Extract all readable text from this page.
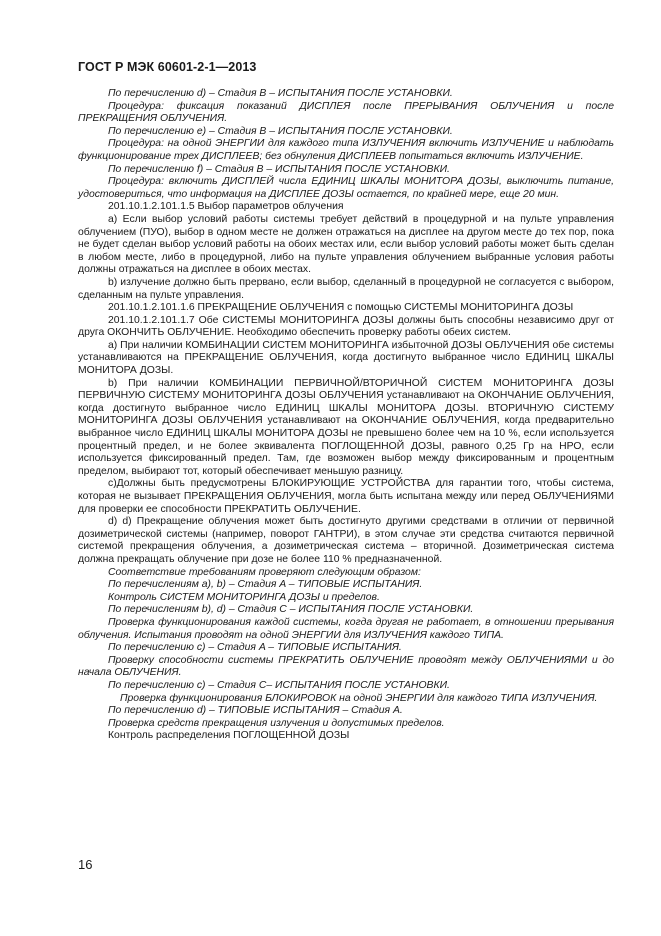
ГОСТ Р МЭК 60601-2-1—2013

По перечислению d) – Стадия B – ИСПЫТАНИЯ ПОСЛЕ УСТАНОВКИ.

Процедура: фиксация показаний ДИСПЛЕЯ после ПРЕРЫВАНИЯ ОБЛУЧЕНИЯ и после ПРЕКРАЩЕНИЯ ОБЛУЧЕНИЯ.

По перечислению e) – Стадия B – ИСПЫТАНИЯ ПОСЛЕ УСТАНОВКИ.

Процедура: на одной ЭНЕРГИИ для каждого типа ИЗЛУЧЕНИЯ включить ИЗЛУЧЕНИЕ и наблюдать функционирование трех ДИСПЛЕЕВ; без обнуления ДИСПЛЕЕВ попытаться включить ИЗЛУЧЕНИЕ.

По перечислению f) – Стадия B – ИСПЫТАНИЯ ПОСЛЕ УСТАНОВКИ.

Процедура: включить ДИСПЛЕЙ числа ЕДИНИЦ ШКАЛЫ МОНИТОРА ДОЗЫ, выключить питание, удостовериться, что информация на ДИСПЛЕЕ ДОЗЫ остается, по крайней мере, еще 20 мин.

201.10.1.2.101.1.5 Выбор параметров облучения

a) Если выбор условий работы системы требует действий в процедурной и на пульте управления облучением (ПУО), выбор в одном месте не должен отражаться на дисплее на другом месте до тех пор, пока не будет сделан выбор условий работы на обоих местах или, если выбор условий работы может быть сделан в любом месте, либо в процедурной, либо на пульте управления облучением выбранные условия работы должны отражаться на дисплее в обоих местах.

b) излучение должно быть прервано, если выбор, сделанный в процедурной не согласуется с выбором, сделанным на пульте управления.

201.10.1.2.101.1.6 ПРЕКРАЩЕНИЕ ОБЛУЧЕНИЯ с помощью СИСТЕМЫ МОНИТОРИНГА ДОЗЫ

201.10.1.2.101.1.7 Обе СИСТЕМЫ МОНИТОРИНГА ДОЗЫ должны быть способны независимо друг от друга ОКОНЧИТЬ ОБЛУЧЕНИЕ. Необходимо обеспечить проверку работы обеих систем.

a) При наличии КОМБИНАЦИИ СИСТЕМ МОНИТОРИНГА избыточной ДОЗЫ ОБЛУЧЕНИЯ обе системы устанавливаются на ПРЕКРАЩЕНИЕ ОБЛУЧЕНИЯ, когда достигнуто выбранное число ЕДИНИЦ ШКАЛЫ МОНИТОРА ДОЗЫ.

b) При наличии КОМБИНАЦИИ ПЕРВИЧНОЙ/ВТОРИЧНОЙ СИСТЕМ МОНИТОРИНГА ДОЗЫ ПЕРВИЧНУЮ СИСТЕМУ МОНИТОРИНГА ДОЗЫ ОБЛУЧЕНИЯ устанавливают на ОКОНЧАНИЕ ОБЛУЧЕНИЯ, когда достигнуто выбранное число ЕДИНИЦ ШКАЛЫ МОНИТОРА ДОЗЫ. ВТОРИЧНУЮ СИСТЕМУ МОНИТОРИНГА ДОЗЫ ОБЛУЧЕНИЯ устанавливают на ОКОНЧАНИЕ ОБЛУЧЕНИЯ, когда предварительно выбранное число ЕДИНИЦ ШКАЛЫ МОНИТОРА ДОЗЫ не превышено более чем на 10 %, если используется процентный предел, и не более эквивалента ПОГЛОЩЕННОЙ ДОЗЫ, равного 0,25 Гр на НРО, если используется фиксированный предел. Там, где возможен выбор между фиксированным и процентным пределом, выбирают тот, который обеспечивает меньшую разницу.

c)Должны быть предусмотрены БЛОКИРУЮЩИЕ УСТРОЙСТВА для гарантии того, чтобы система, которая не вызывает ПРЕКРАЩЕНИЯ ОБЛУЧЕНИЯ, могла быть испытана между или перед ОБЛУЧЕНИЯМИ для проверки ее способности ПРЕКРАТИТЬ ОБЛУЧЕНИЕ.

d) d) Прекращение облучения может быть достигнуто другими средствами в отличии от первичной дозиметрической системы (например, поворот ГАНТРИ), в этом случае эти средства считаются первичной системой прекращения облучения, а дозиметрическая система – вторичной. Дозиметрическая система должна прекращать облучение при дозе не более 110 % предназначенной.

Соответствие требованиям проверяют следующим образом:

По перечислениям a), b) – Стадия A – ТИПОВЫЕ ИСПЫТАНИЯ.

Контроль СИСТЕМ МОНИТОРИНГА ДОЗЫ и пределов.

По перечислениям b), d) – Стадия C – ИСПЫТАНИЯ ПОСЛЕ УСТАНОВКИ.

Проверка функционирования каждой системы, когда другая не работает, в отношении прерывания облучения. Испытания проводят на одной ЭНЕРГИИ для ИЗЛУЧЕНИЯ каждого ТИПА.

По перечислению c) – Стадия A – ТИПОВЫЕ ИСПЫТАНИЯ.

Проверку способности системы ПРЕКРАТИТЬ ОБЛУЧЕНИЕ проводят между ОБЛУЧЕНИЯМИ и до начала ОБЛУЧЕНИЯ.

По перечислению c) – Стадия C– ИСПЫТАНИЯ ПОСЛЕ УСТАНОВКИ.

Проверка функционирования БЛОКИРОВОК на одной ЭНЕРГИИ для каждого ТИПА ИЗЛУЧЕНИЯ.

По перечислению d) – ТИПОВЫЕ ИСПЫТАНИЯ – Стадия A.

Проверка средств прекращения излучения и допустимых пределов.

Контроль распределения ПОГЛОЩЕННОЙ ДОЗЫ

16
